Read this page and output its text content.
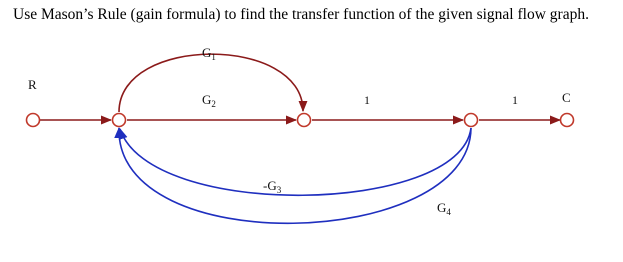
Use Mason’s Rule (gain formula) to find the transfer function of the given signal flow graph.
R
C
$G_1$
$G_2$	1	1
$-G_3$
$G_4$
